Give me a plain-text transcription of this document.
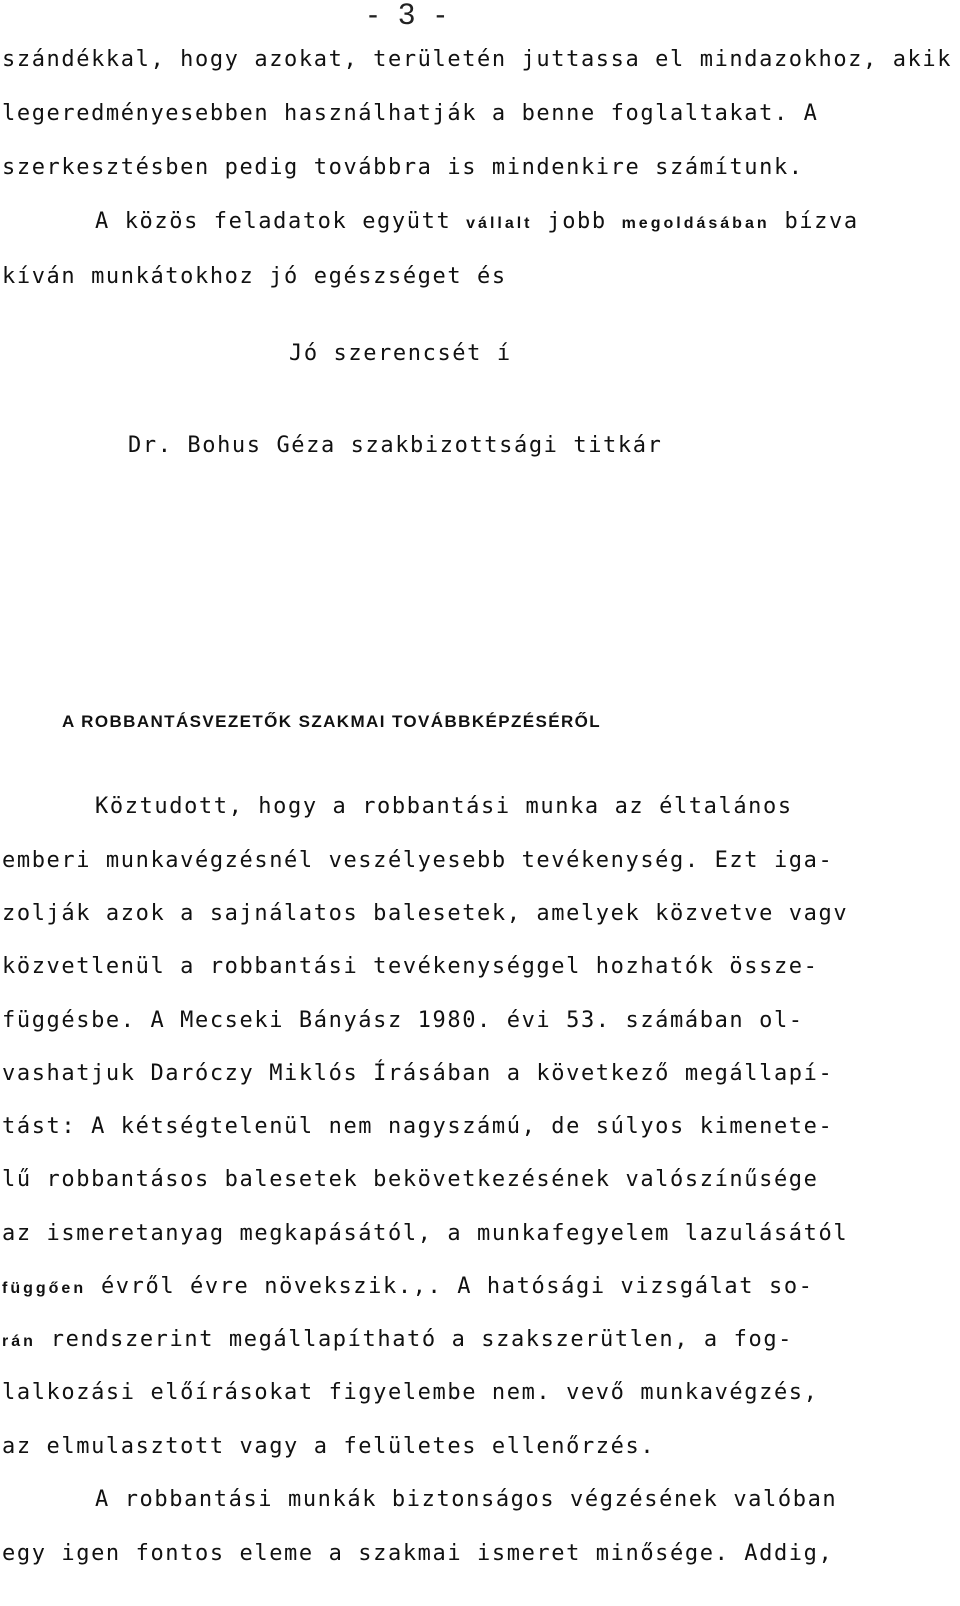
- 3 -
szándékkal, hogy azokat, területén juttassa el mindazokhoz, akik
legeredményesebben használhatják a benne foglaltakat. A
szerkesztésben pedig továbbra is mindenkire számítunk.
A közös feladatok együtt vállalt jobb megoldásában bízva
kíván munkátokhoz jó egészséget és
Jó szerencsét í
Dr. Bohus Géza szakbizottsági titkár
A ROBBANTÁSVEZETŐK SZAKMAI TOVÁBBKÉPZÉSÉRŐL
Köztudott, hogy a robbantási munka az éltalános
emberi munkavégzésnél veszélyesebb tevékenység. Ezt iga-
zolják azok a sajnálatos balesetek, amelyek közvetve vagv
közvetlenül a robbantási tevékenységgel hozhatók össze-
függésbe. A Mecseki Bányász 1980. évi 53. számában ol-
vashatjuk Daróczy Miklós Írásában a következő megállapí-
tást: A kétségtelenül nem nagyszámú, de súlyos kimenete-
lű robbantásos balesetek bekövetkezésének valószínűsége
az ismeretanyag megkapásától, a munkafegyelem lazulásától
függően évről évre növekszik.,. A hatósági vizsgálat so-
rán rendszerint megállapítható a szakszerütlen, a fog-
lalkozási előírásokat figyelembe nem. vevő munkavégzés,
az elmulasztott vagy a felületes ellenőrzés.
A robbantási munkák biztonságos végzésének valóban
egy igen fontos eleme a szakmai ismeret minősége. Addig,
